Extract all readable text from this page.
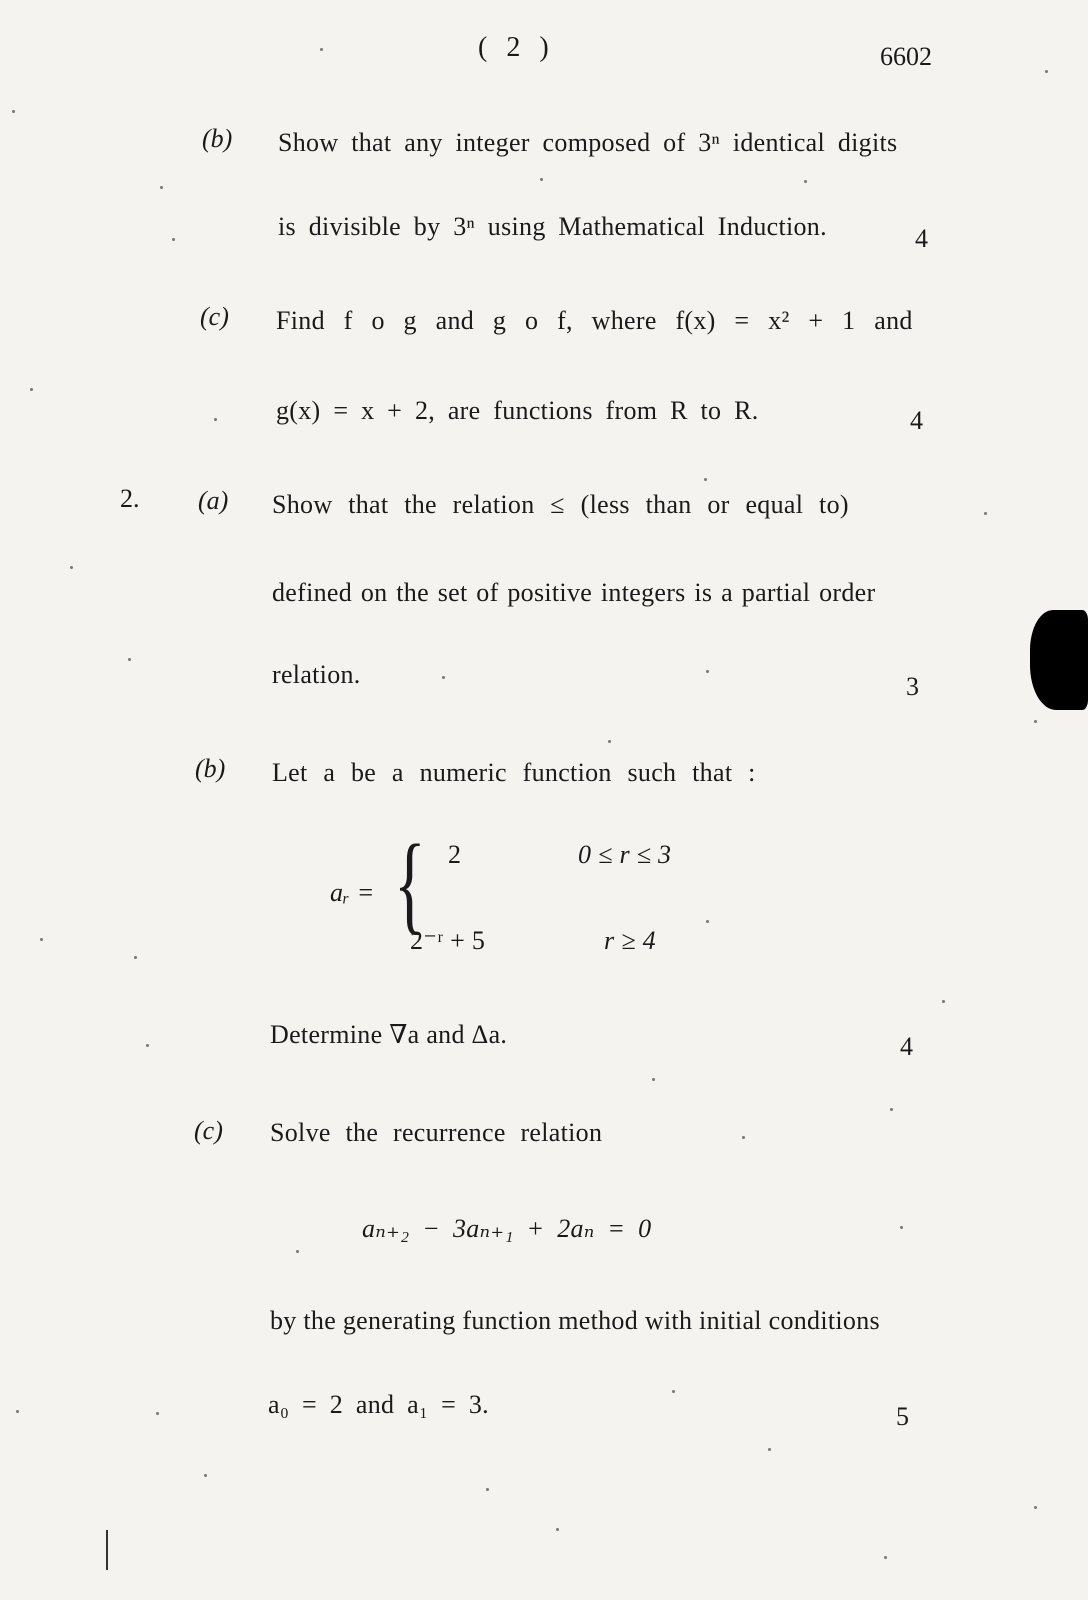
( 2 )	6602
(b) Show that any integer composed of 3ⁿ identical digits
is divisible by 3ⁿ using Mathematical Induction.	4
(c) Find f o g and g o f, where f(x) = x² + 1 and
g(x) = x + 2, are functions from R to R.	4
2. (a) Show that the relation ≤ (less than or equal to)
defined on the set of positive integers is a partial order
relation.	3
(b) Let a be a numeric function such that :
aᵣ = { 2	0 ≤ r ≤ 3
2⁻ʳ + 5	r ≥ 4
Determine ∇a and Δa.	4
(c) Solve the recurrence relation
aₙ₊₂ − 3aₙ₊₁ + 2aₙ = 0
by the generating function method with initial conditions
a₀ = 2 and a₁ = 3.	5
